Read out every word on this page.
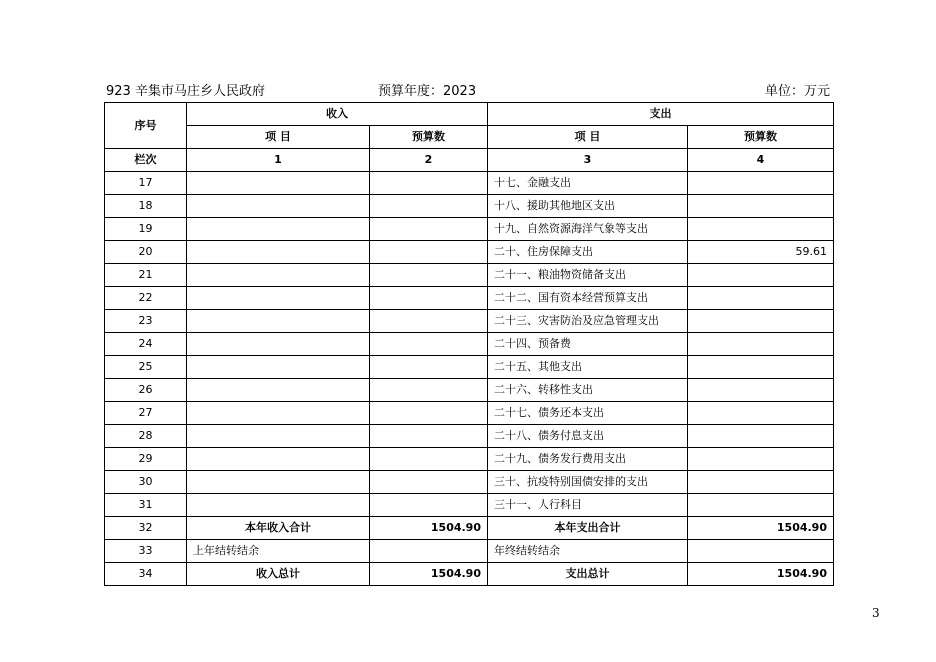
923 辛集市马庄乡人民政府	预算年度：2023	单位：万元
序号	收入		支出	
	项 目	预算数	项 目	预算数
栏次	1	2	3	4
17			十七、金融支出	
18			十八、援助其他地区支出	
19			十九、自然资源海洋气象等支出	
20			二十、住房保障支出	59.61
21			二十一、粮油物资储备支出	
22			二十二、国有资本经营预算支出	
23			二十三、灾害防治及应急管理支出	
24			二十四、预备费	
25			二十五、其他支出	
26			二十六、转移性支出	
27			二十七、债务还本支出	
28			二十八、债务付息支出	
29			二十九、债务发行费用支出	
30			三十、抗疫特别国债安排的支出	
31			三十一、人行科目	
32	本年收入合计	1504.90	本年支出合计	1504.90
33	上年结转结余		年终结转结余	
34	收入总计	1504.90	支出总计	1504.90
3
